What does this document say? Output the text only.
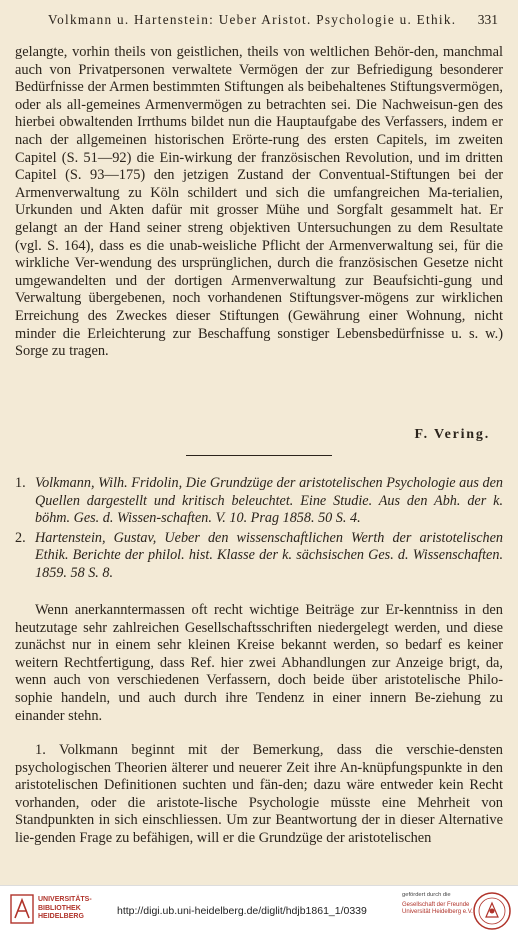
Volkmann u. Hartenstein: Ueber Aristot. Psychologie u. Ethik. 331

gelangte, vorhin theils von geistlichen, theils von weltlichen Behör-den, manchmal auch von Privatpersonen verwaltete Vermögen der zur Befriedigung besonderer Bedürfnisse der Armen bestimmten Stiftungen als beibehaltenes Stiftungsvermögen, oder als all-gemeines Armenvermögen zu betrachten sei. Die Nachweisun-gen des hierbei obwaltenden Irrthums bildet nun die Hauptaufgabe des Verfassers, indem er nach der allgemeinen historischen Erörte-rung des ersten Capitels, im zweiten Capitel (S. 51—92) die Ein-wirkung der französischen Revolution, und im dritten Capitel (S. 93—175) den jetzigen Zustand der Conventual-Stiftungen bei der Armenverwaltung zu Köln schildert und sich die umfangreichen Ma-terialien, Urkunden und Akten dafür mit grosser Mühe und Sorgfalt gesammelt hat. Er gelangt an der Hand seiner streng objektiven Untersuchungen zu dem Resultate (vgl. S. 164), dass es die unab-weisliche Pflicht der Armenverwaltung sei, für die wirkliche Ver-wendung des ursprünglichen, durch die französischen Gesetze nicht umgewandelten und der dortigen Armenverwaltung zur Beaufsichti-gung und Verwaltung übergebenen, noch vorhandenen Stiftungsver-mögens zur wirklichen Erreichung des Zweckes dieser Stiftungen (Gewährung einer Wohnung, nicht minder die Erleichterung zur Beschaffung sonstiger Lebensbedürfnisse u. s. w.) Sorge zu tragen.

F. Vering.
1. Volkmann, Wilh. Fridolin, Die Grundzüge der aristotelischen Psychologie aus den Quellen dargestellt und kritisch beleuchtet. Eine Studie. Aus den Abh. der k. böhm. Ges. d. Wissen-schaften. V. 10. Prag 1858. 50 S. 4.
2. Hartenstein, Gustav, Ueber den wissenschaftlichen Werth der aristotelischen Ethik. Berichte der philol. hist. Klasse der k. sächsischen Ges. d. Wissenschaften. 1859. 58 S. 8.

Wenn anerkanntermassen oft recht wichtige Beiträge zur Er-kenntniss in den heutzutage sehr zahlreichen Gesellschaftsschriften niedergelegt werden, und diese zunächst nur in einem sehr kleinen Kreise bekannt werden, so bedarf es keiner weitern Rechtfertigung, dass Ref. hier zwei Abhandlungen zur Anzeige brigt, da, wenn auch von verschiedenen Verfassern, doch beide über aristotelische Philo-sophie handeln, und auch durch ihre Tendenz in einer innern Be-ziehung zu einander stehn.

1. Volkmann beginnt mit der Bemerkung, dass die verschie-densten psychologischen Theorien älterer und neuerer Zeit ihre An-knüpfungspunkte in den aristotelischen Definitionen suchten und fän-den; dazu wäre entweder kein Recht vorhanden, oder die aristote-lische Psychologie müsste eine Mehrheit von Standpunkten in sich einschliessen. Um zur Beantwortung der in dieser Alternative lie-genden Frage zu befähigen, will er die Grundzüge der aristotelischen

UNIVERSITÄTS-
BIBLIOTHEK
HEIDELBERG	http://digi.ub.uni-heidelberg.de/diglit/hdjb1861_1/0339
gefördert durch die
Gesellschaft der Freunde
Universität Heidelberg e.V.
